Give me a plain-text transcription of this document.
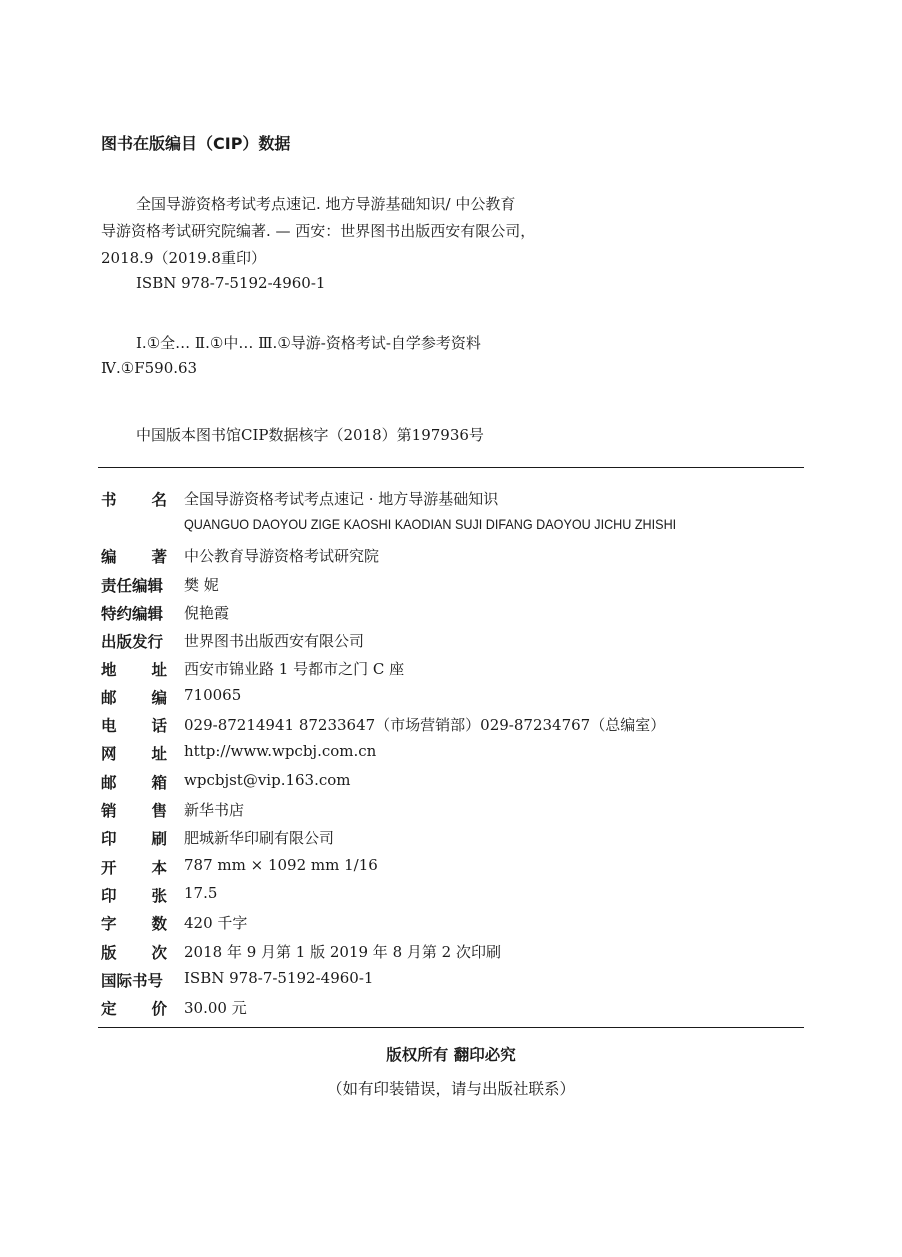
图书在版编目（CIP）数据
全国导游资格考试考点速记. 地方导游基础知识/ 中公教育
导游资格考试研究院编著. — 西安：世界图书出版西安有限公司，
2018.9（2019.8重印）
ISBN 978-7-5192-4960-1
Ⅰ.①全… Ⅱ.①中… Ⅲ.①导游-资格考试-自学参考资料
Ⅳ.①F590.63
中国版本图书馆CIP数据核字（2018）第197936号
书 名 全国导游资格考试考点速记 · 地方导游基础知识
QUANGUO DAOYOU ZIGE KAOSHI KAODIAN SUJI DIFANG DAOYOU JICHU ZHISHI
编 著 中公教育导游资格考试研究院
责任编辑 樊 妮
特约编辑 倪艳霞
出版发行 世界图书出版西安有限公司
地 址 西安市锦业路 1 号都市之门 C 座
邮 编 710065
电 话 029-87214941 87233647（市场营销部）029-87234767（总编室）
网 址 http://www.wpcbj.com.cn
邮 箱 wpcbjst@vip.163.com
销 售 新华书店
印 刷 肥城新华印刷有限公司
开 本 787 mm × 1092 mm 1/16
印 张 17.5
字 数 420 千字
版 次 2018 年 9 月第 1 版 2019 年 8 月第 2 次印刷
国际书号 ISBN 978-7-5192-4960-1
定 价 30.00 元
版权所有 翻印必究
（如有印装错误，请与出版社联系）
